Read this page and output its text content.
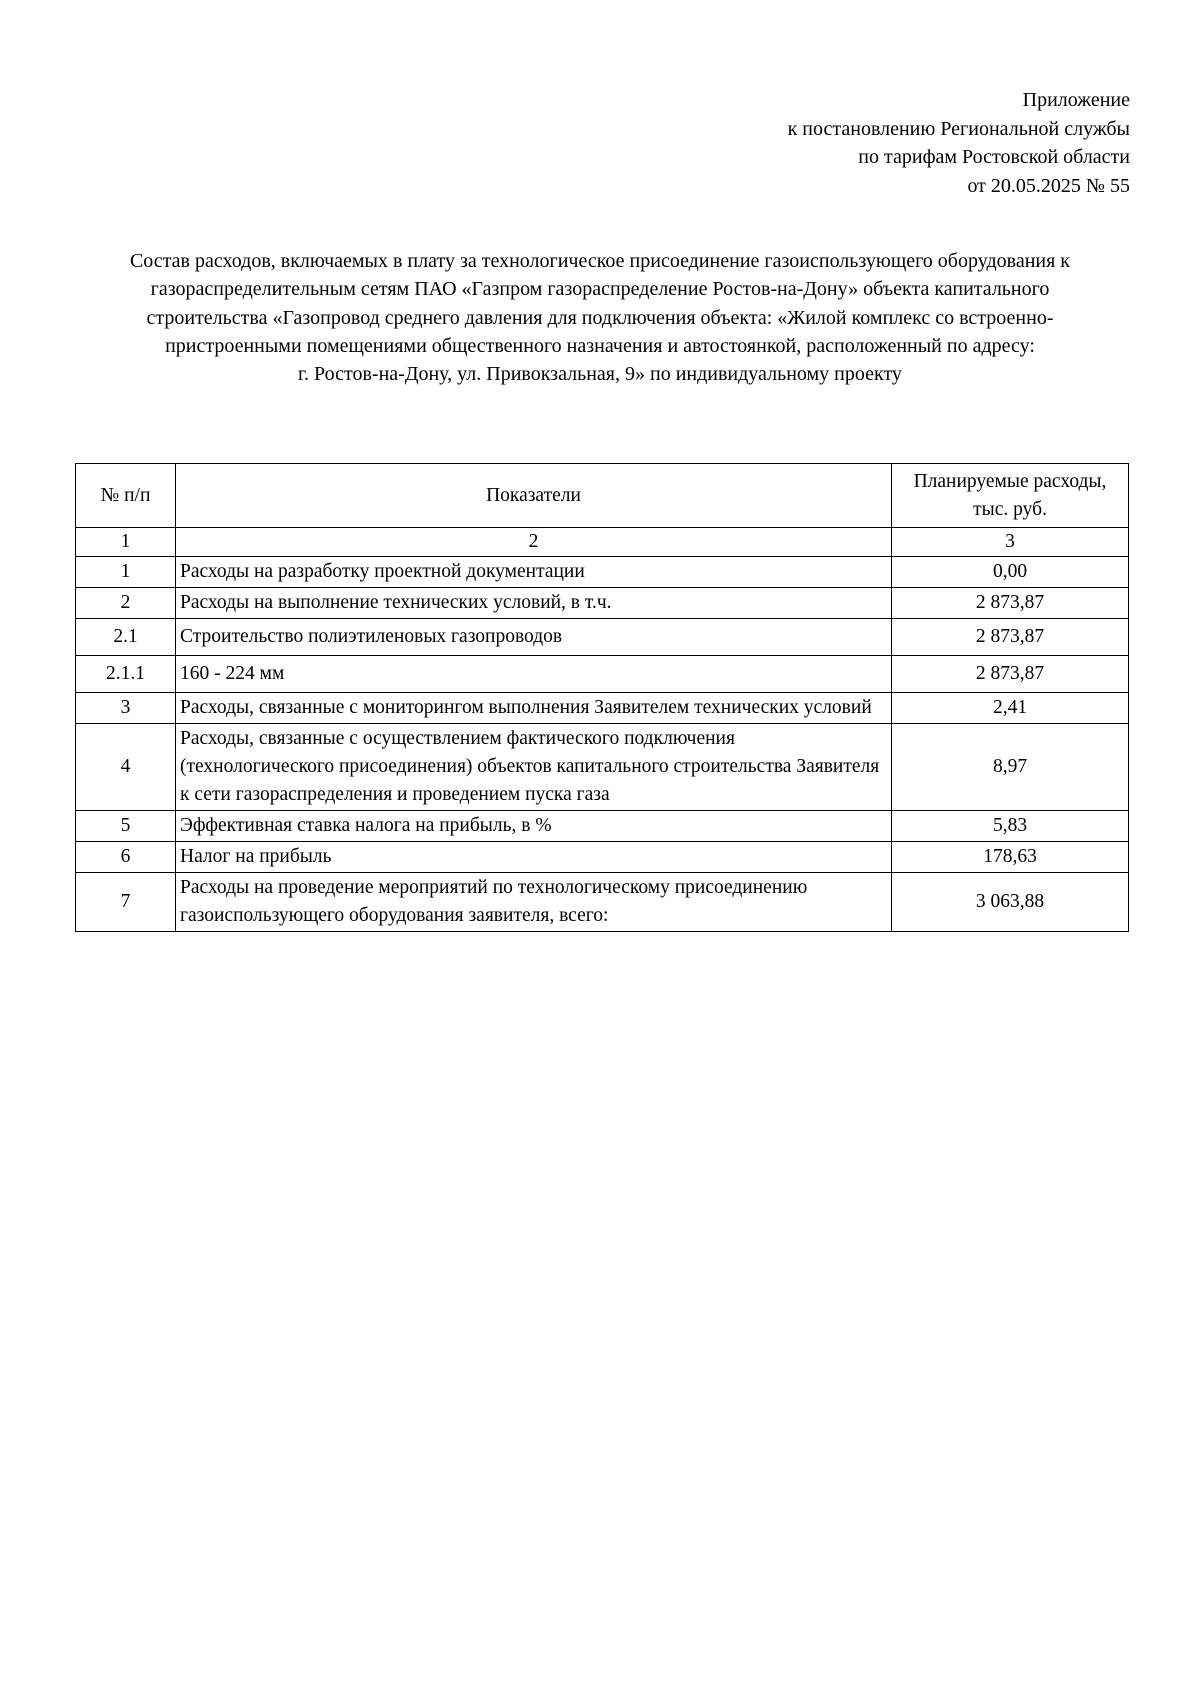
Приложение
к постановлению Региональной службы
по тарифам Ростовской области
от 20.05.2025 № 55
Состав расходов, включаемых в плату за технологическое присоединение газоиспользующего оборудования к
газораспределительным сетям ПАО «Газпром газораспределение Ростов-на-Дону» объекта капитального
строительства «Газопровод среднего давления для подключения объекта: «Жилой комплекс со встроенно-
пристроенными помещениями общественного назначения и автостоянкой, расположенный по адресу:
г. Ростов-на-Дону, ул. Привокзальная, 9» по индивидуальному проекту
№ п/п	Показатели	Планируемые расходы,
тыс. руб.
1	2	3
1	Расходы на разработку проектной документации	0,00
2	Расходы на выполнение технических условий, в т.ч.	2 873,87
2.1	Строительство полиэтиленовых газопроводов	2 873,87
2.1.1	160 - 224 мм	2 873,87
3	Расходы, связанные с мониторингом выполнения Заявителем технических условий	2,41
4	Расходы, связанные с осуществлением фактического подключения (технологического присоединения) объектов капитального строительства Заявителя к сети газораспределения и проведением пуска газа	8,97
5	Эффективная ставка налога на прибыль, в %	5,83
6	Налог на прибыль	178,63
7	Расходы на проведение мероприятий по технологическому присоединению газоиспользующего оборудования заявителя, всего:	3 063,88
